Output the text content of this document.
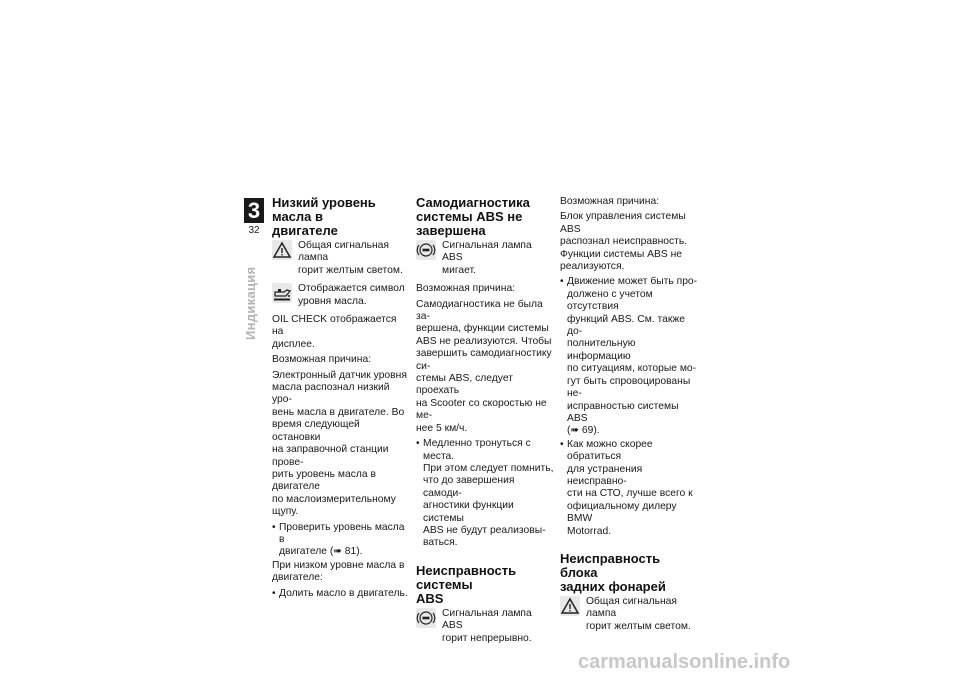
3
32
Индикация
Низкий уровень масла в
двигателе
Общая сигнальная лампа
горит желтым светом.
Отображается символ
уровня масла.
OIL CHECK отображается на
дисплее.
Возможная причина:
Электронный датчик уровня
масла распознал низкий уро-
вень масла в двигателе. Во
время следующей остановки
на заправочной станции прове-
рить уровень масла в двигателе
по маслоизмерительному щупу.
• Проверить уровень масла в
двигателе (➠ 81).
При низком уровне масла в
двигателе:
• Долить масло в двигатель.
Самодиагностика
системы ABS не
завершена
Сигнальная лампа ABS
мигает.
Возможная причина:
Самодиагностика не была за-
вершена, функции системы
ABS не реализуются. Чтобы
завершить самодиагностику си-
стемы ABS, следует проехать
на Scooter со скоростью не ме-
нее 5 км/ч.
• Медленно тронуться с места.
При этом следует помнить,
что до завершения самоди-
агностики функции системы
ABS не будут реализовы-
ваться.
Неисправность системы
ABS
Сигнальная лампа ABS
горит непрерывно.
Возможная причина:
Блок управления системы ABS
распознал неисправность.
Функции системы ABS не
реализуются.
• Движение может быть про-
должено с учетом отсутствия
функций ABS. См. также до-
полнительную информацию
по ситуациям, которые мо-
гут быть спровоцированы не-
исправностью системы ABS
(➠ 69).
• Как можно скорее обратиться
для устранения неисправно-
сти на СТО, лучше всего к
официальному дилеру BMW
Motorrad.
Неисправность блока
задних фонарей
Общая сигнальная лампа
горит желтым светом.
carmanualsonline.info
